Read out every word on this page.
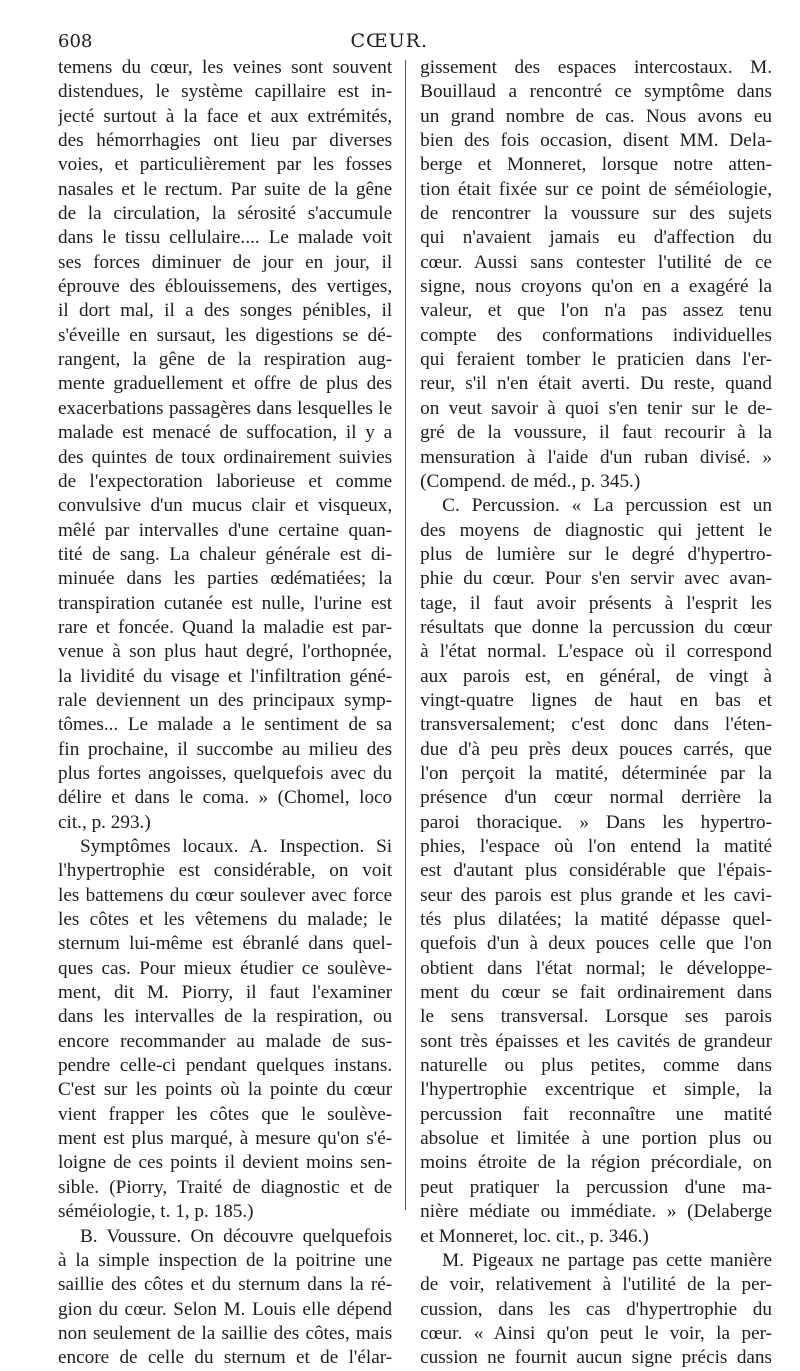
608	CŒUR.
temens du cœur, les veines sont souvent
distendues, le système capillaire est in-
jecté surtout à la face et aux extrémités,
des hémorrhagies ont lieu par diverses
voies, et particulièrement par les fosses
nasales et le rectum. Par suite de la gêne
de la circulation, la sérosité s'accumule
dans le tissu cellulaire.... Le malade voit
ses forces diminuer de jour en jour, il
éprouve des éblouissemens, des vertiges,
il dort mal, il a des songes pénibles, il
s'éveille en sursaut, les digestions se dé-
rangent, la gêne de la respiration aug-
mente graduellement et offre de plus des
exacerbations passagères dans lesquelles le
malade est menacé de suffocation, il y a
des quintes de toux ordinairement suivies
de l'expectoration laborieuse et comme
convulsive d'un mucus clair et visqueux,
mêlé par intervalles d'une certaine quan-
tité de sang. La chaleur générale est di-
minuée dans les parties œdématiées; la
transpiration cutanée est nulle, l'urine est
rare et foncée. Quand la maladie est par-
venue à son plus haut degré, l'orthopnée,
la lividité du visage et l'infiltration géné-
rale deviennent un des principaux symp-
tômes... Le malade a le sentiment de sa
fin prochaine, il succombe au milieu des
plus fortes angoisses, quelquefois avec du
délire et dans le coma. » (Chomel, loco
cit., p. 293.)
Symptômes locaux. A. Inspection. Si
l'hypertrophie est considérable, on voit
les battemens du cœur soulever avec force
les côtes et les vêtemens du malade; le
sternum lui-même est ébranlé dans quel-
ques cas. Pour mieux étudier ce soulève-
ment, dit M. Piorry, il faut l'examiner
dans les intervalles de la respiration, ou
encore recommander au malade de sus-
pendre celle-ci pendant quelques instans.
C'est sur les points où la pointe du cœur
vient frapper les côtes que le soulève-
ment est plus marqué, à mesure qu'on s'é-
loigne de ces points il devient moins sen-
sible. (Piorry, Traité de diagnostic et de
séméiologie, t. 1, p. 185.)
B. Voussure. On découvre quelquefois
à la simple inspection de la poitrine une
saillie des côtes et du sternum dans la ré-
gion du cœur. Selon M. Louis elle dépend
non seulement de la saillie des côtes, mais
encore de celle du sternum et de l'élar-
gissement des espaces intercostaux. M.
Bouillaud a rencontré ce symptôme dans
un grand nombre de cas. Nous avons eu
bien des fois occasion, disent MM. Dela-
berge et Monneret, lorsque notre atten-
tion était fixée sur ce point de séméiologie,
de rencontrer la voussure sur des sujets
qui n'avaient jamais eu d'affection du
cœur. Aussi sans contester l'utilité de ce
signe, nous croyons qu'on en a exagéré la
valeur, et que l'on n'a pas assez tenu
compte des conformations individuelles
qui feraient tomber le praticien dans l'er-
reur, s'il n'en était averti. Du reste, quand
on veut savoir à quoi s'en tenir sur le de-
gré de la voussure, il faut recourir à la
mensuration à l'aide d'un ruban divisé. »
(Compend. de méd., p. 345.)
C. Percussion. « La percussion est un
des moyens de diagnostic qui jettent le
plus de lumière sur le degré d'hypertro-
phie du cœur. Pour s'en servir avec avan-
tage, il faut avoir présents à l'esprit les
résultats que donne la percussion du cœur
à l'état normal. L'espace où il correspond
aux parois est, en général, de vingt à
vingt-quatre lignes de haut en bas et
transversalement; c'est donc dans l'éten-
due d'à peu près deux pouces carrés, que
l'on perçoit la matité, déterminée par la
présence d'un cœur normal derrière la
paroi thoracique. » Dans les hypertro-
phies, l'espace où l'on entend la matité
est d'autant plus considérable que l'épais-
seur des parois est plus grande et les cavi-
tés plus dilatées; la matité dépasse quel-
quefois d'un à deux pouces celle que l'on
obtient dans l'état normal; le développe-
ment du cœur se fait ordinairement dans
le sens transversal. Lorsque ses parois
sont très épaisses et les cavités de grandeur
naturelle ou plus petites, comme dans
l'hypertrophie excentrique et simple, la
percussion fait reconnaître une matité
absolue et limitée à une portion plus ou
moins étroite de la région précordiale, on
peut pratiquer la percussion d'une ma-
nière médiate ou immédiate. » (Delaberge
et Monneret, loc. cit., p. 346.)
M. Pigeaux ne partage pas cette manière
de voir, relativement à l'utilité de la per-
cussion, dans les cas d'hypertrophie du
cœur. « Ainsi qu'on peut le voir, la per-
cussion ne fournit aucun signe précis dans
